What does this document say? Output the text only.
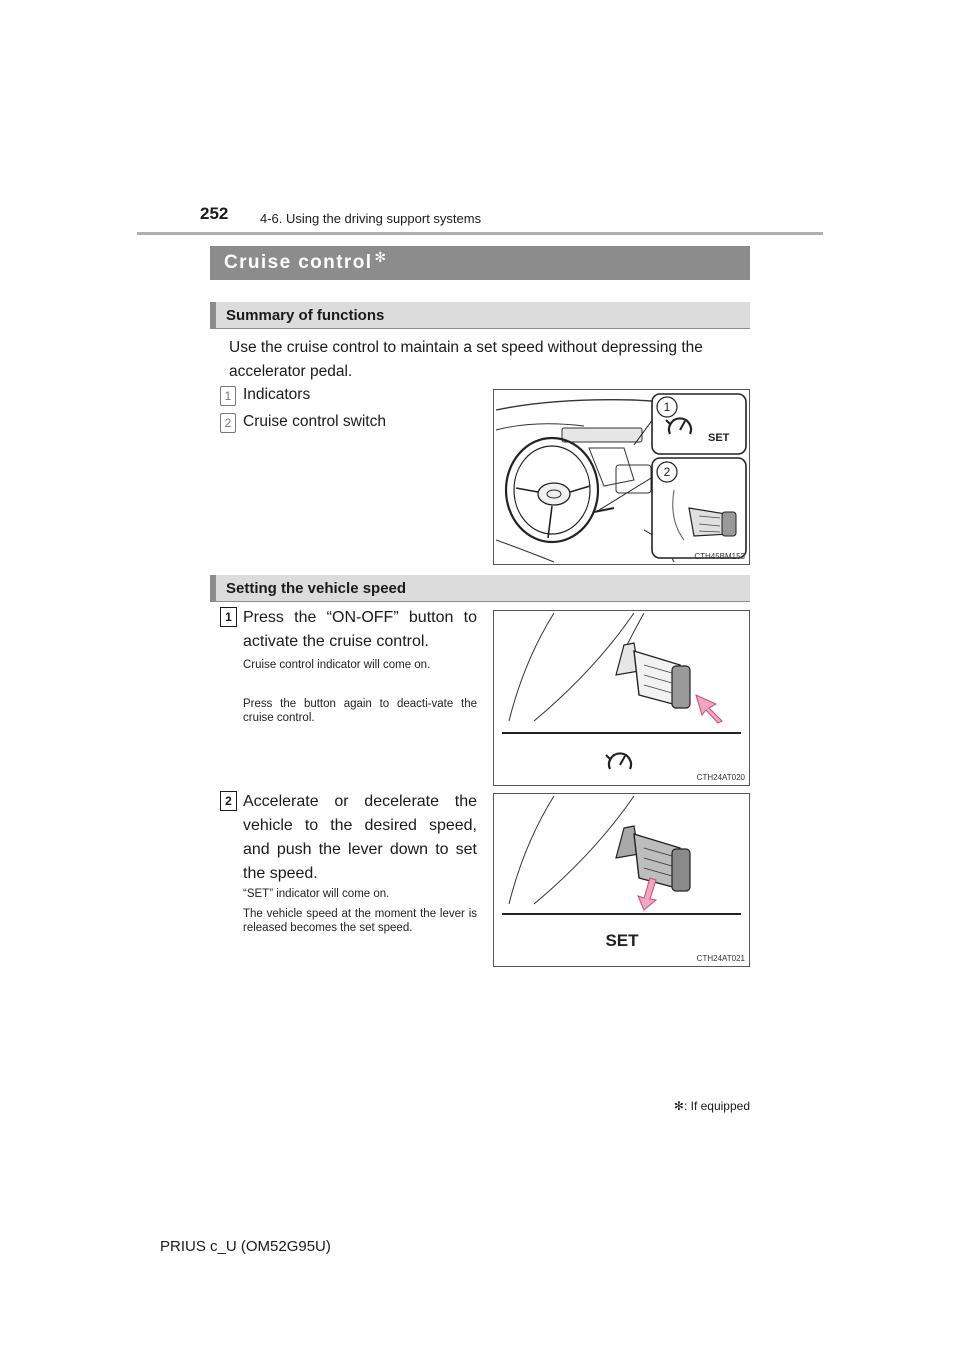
252 4-6. Using the driving support systems
Cruise control ✻
Summary of functions
Use the cruise control to maintain a set speed without depressing the accelerator pedal.
1 Indicators
2 Cruise control switch
1
SET
2
CTH45BM153
Setting the vehicle speed
1 Press the “ON-OFF” button to activate the cruise control.
Cruise control indicator will come on.
Press the button again to deacti-vate the cruise control.
CTH24AT020
2 Accelerate or decelerate the vehicle to the desired speed, and push the lever down to set the speed.
“SET” indicator will come on.
The vehicle speed at the moment the lever is released becomes the set speed.
SET
CTH24AT021
✻: If equipped
PRIUS c_U (OM52G95U)
